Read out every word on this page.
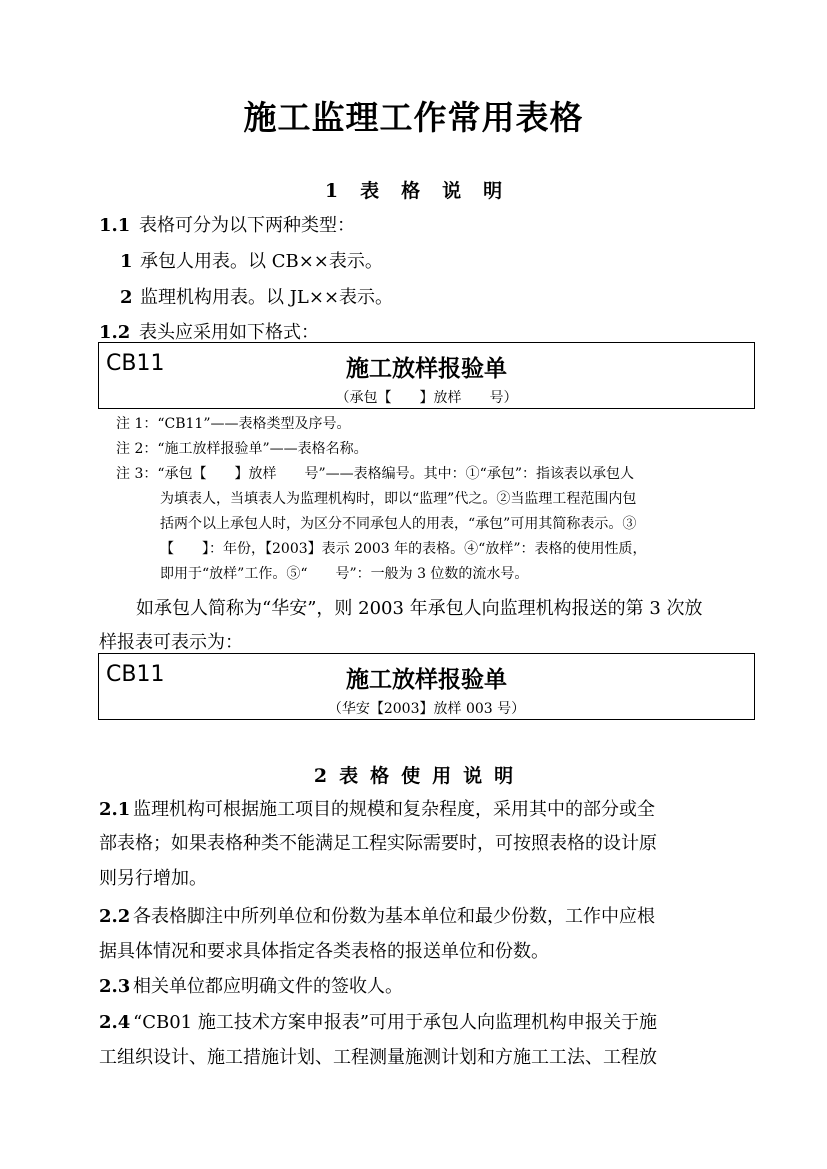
施工监理工作常用表格
1 表 格 说 明
1.1 表格可分为以下两种类型：
1 承包人用表。以 CB××表示。
2 监理机构用表。以 JL××表示。
1.2 表头应采用如下格式：
CB11	施工放样报验单
（承包【　　】放样　　号）
注 1：“CB11”——表格类型及序号。
注 2：“施工放样报验单”——表格名称。
注 3：“承包【　　】放样　　号”——表格编号。其中：①“承包”：指该表以承包人
为填表人，当填表人为监理机构时，即以“监理”代之。②当监理工程范围内包
括两个以上承包人时，为区分不同承包人的用表，“承包”可用其简称表示。③
【　　】：年份，【2003】表示 2003 年的表格。④“放样”：表格的使用性质，
即用于“放样”工作。⑤“　　号”：一般为 3 位数的流水号。
如承包人简称为“华安”，则 2003 年承包人向监理机构报送的第 3 次放
样报表可表示为：
CB11	施工放样报验单
（华安【2003】放样 003 号）
2 表 格 使 用 说 明
2.1 监理机构可根据施工项目的规模和复杂程度，采用其中的部分或全
部表格；如果表格种类不能满足工程实际需要时，可按照表格的设计原
则另行增加。
2.2 各表格脚注中所列单位和份数为基本单位和最少份数，工作中应根
据具体情况和要求具体指定各类表格的报送单位和份数。
2.3 相关单位都应明确文件的签收人。
2.4 “CB01 施工技术方案申报表”可用于承包人向监理机构申报关于施
工组织设计、施工措施计划、工程测量施测计划和方施工工法、工程放
